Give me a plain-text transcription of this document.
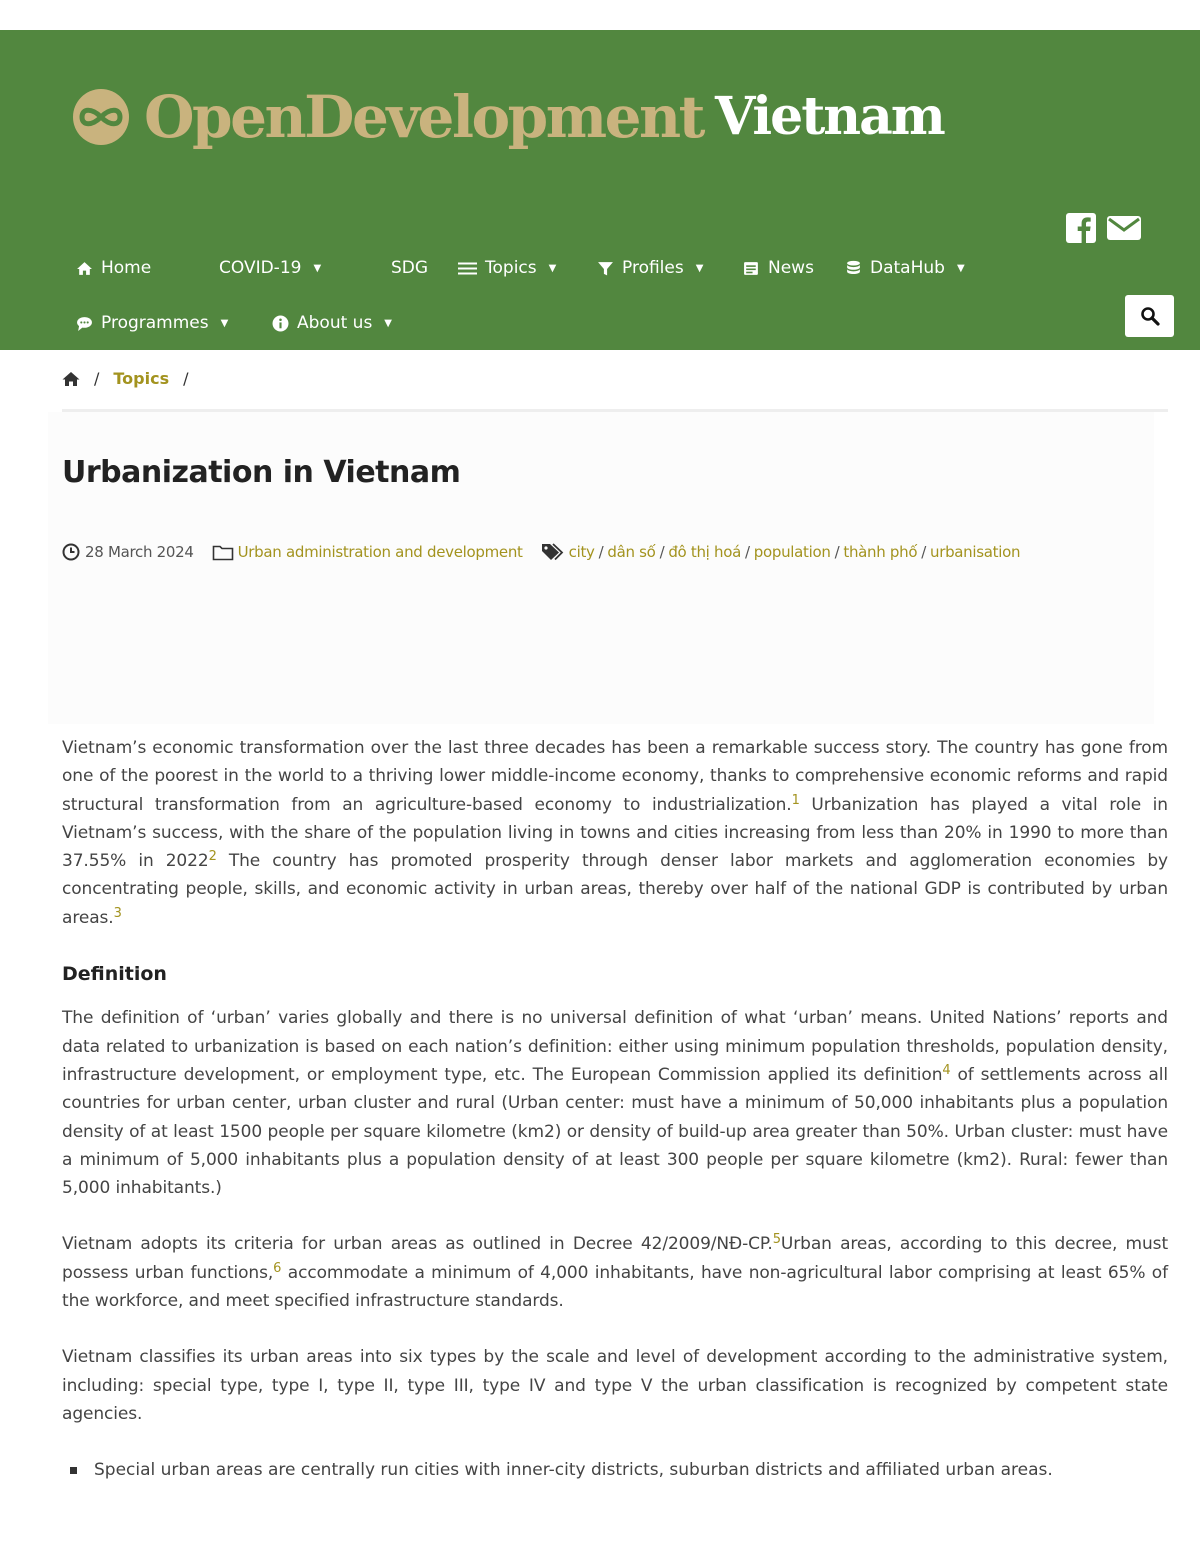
OpenDevelopment Vietnam
Home	COVID-19 ▼	SDG	Topics ▼	Profiles ▼	News	DataHub ▼
Programmes ▼	About us ▼
/ Topics /
Urbanization in Vietnam
28 March 2024	Urban administration and development	city / dân số / đô thị hoá / population / thành phố / urbanisation

Vietnam’s economic transformation over the last three decades has been a remarkable success story. The country has gone from one of the poorest in the world to a thriving lower middle-income economy, thanks to comprehensive economic reforms and rapid structural transformation from an agriculture-based economy to industrialization.$^1$ Urbanization has played a vital role in Vietnam’s success, with the share of the population living in towns and cities increasing from less than 20% in 1990 to more than 37.55% in 2022$^2$ The country has promoted prosperity through denser labor markets and agglomeration economies by concentrating people, skills, and economic activity in urban areas, thereby over half of the national GDP is contributed by urban areas.$^3$

Definition

The definition of ‘urban’ varies globally and there is no universal definition of what ‘urban’ means. United Nations’ reports and data related to urbanization is based on each nation’s definition: either using minimum population thresholds, population density, infrastructure development, or employment type, etc. The European Commission applied its definition$^4$ of settlements across all countries for urban center, urban cluster and rural (Urban center: must have a minimum of 50,000 inhabitants plus a population density of at least 1500 people per square kilometre (km2) or density of build-up area greater than 50%. Urban cluster: must have a minimum of 5,000 inhabitants plus a population density of at least 300 people per square kilometre (km2). Rural: fewer than 5,000 inhabitants.)

Vietnam adopts its criteria for urban areas as outlined in Decree 42/2009/NĐ-CP.$^5$Urban areas, according to this decree, must possess urban functions,$^6$ accommodate a minimum of 4,000 inhabitants, have non-agricultural labor comprising at least 65% of the workforce, and meet specified infrastructure standards.

Vietnam classifies its urban areas into six types by the scale and level of development according to the administrative system, including: special type, type I, type II, type III, type IV and type V the urban classification is recognized by competent state agencies.

Special urban areas are centrally run cities with inner-city districts, suburban districts and affiliated urban areas.
